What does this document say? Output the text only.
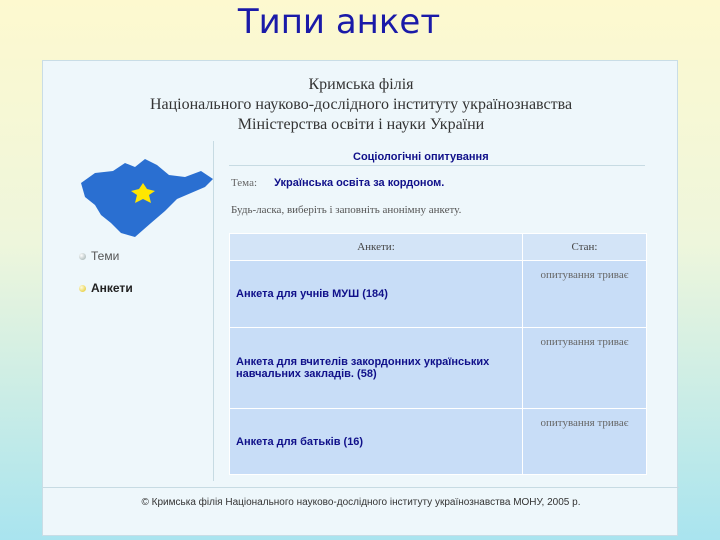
Типи анкет
Кримська філія
Національного науково-дослідного інституту українознавства
Міністерства освіти і науки України
Теми
Анкети
Соціологічні опитування
Тема: Українська освіта за кордоном.
Будь-ласка, виберіть і заповніть анонімну анкету.
Анкети:	Стан:
Анкета для учнів МУШ (184)	опитування триває
Анкета для вчителів закордонних українських навчальних закладів. (58)	опитування триває
Анкета для батьків (16)	опитування триває
© Кримська філія Національного науково-дослідного інституту українознавства МОНУ, 2005 р.
